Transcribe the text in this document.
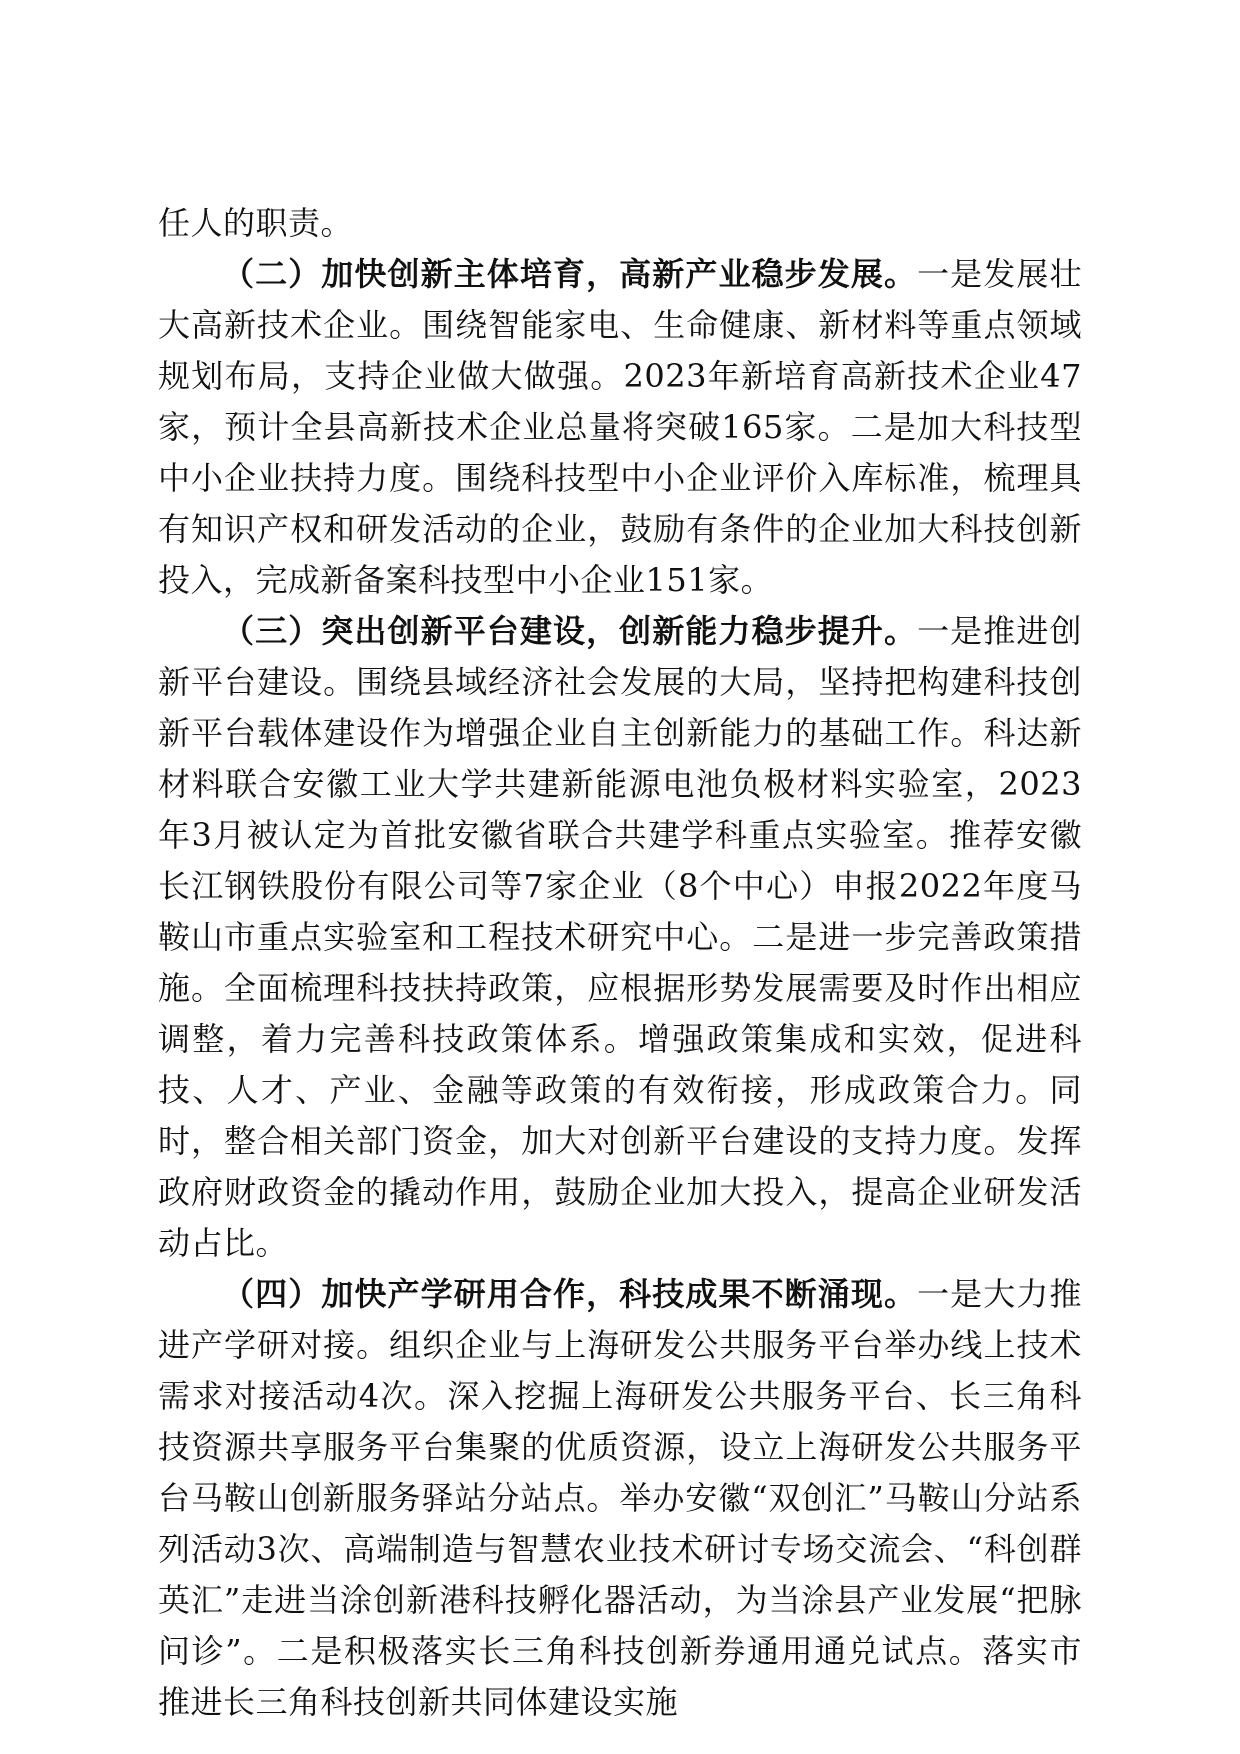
任人的职责。

（二）加快创新主体培育，高新产业稳步发展。一是发展壮大高新技术企业。围绕智能家电、生命健康、新材料等重点领域规划布局，支持企业做大做强。2023年新培育高新技术企业47家，预计全县高新技术企业总量将突破165家。二是加大科技型中小企业扶持力度。围绕科技型中小企业评价入库标准，梳理具有知识产权和研发活动的企业，鼓励有条件的企业加大科技创新投入，完成新备案科技型中小企业151家。

（三）突出创新平台建设，创新能力稳步提升。一是推进创新平台建设。围绕县域经济社会发展的大局，坚持把构建科技创新平台载体建设作为增强企业自主创新能力的基础工作。科达新材料联合安徽工业大学共建新能源电池负极材料实验室，2023年3月被认定为首批安徽省联合共建学科重点实验室。推荐安徽长江钢铁股份有限公司等7家企业（8个中心）申报2022年度马鞍山市重点实验室和工程技术研究中心。二是进一步完善政策措施。全面梳理科技扶持政策，应根据形势发展需要及时作出相应调整，着力完善科技政策体系。增强政策集成和实效，促进科技、人才、产业、金融等政策的有效衔接，形成政策合力。同时，整合相关部门资金，加大对创新平台建设的支持力度。发挥政府财政资金的撬动作用，鼓励企业加大投入，提高企业研发活动占比。

（四）加快产学研用合作，科技成果不断涌现。一是大力推进产学研对接。组织企业与上海研发公共服务平台举办线上技术需求对接活动4次。深入挖掘上海研发公共服务平台、长三角科技资源共享服务平台集聚的优质资源，设立上海研发公共服务平台马鞍山创新服务驿站分站点。举办安徽“双创汇”马鞍山分站系列活动3次、高端制造与智慧农业技术研讨专场交流会、“科创群英汇”走进当涂创新港科技孵化器活动，为当涂县产业发展“把脉问诊”。二是积极落实长三角科技创新券通用通兑试点。落实市推进长三角科技创新共同体建设实施
